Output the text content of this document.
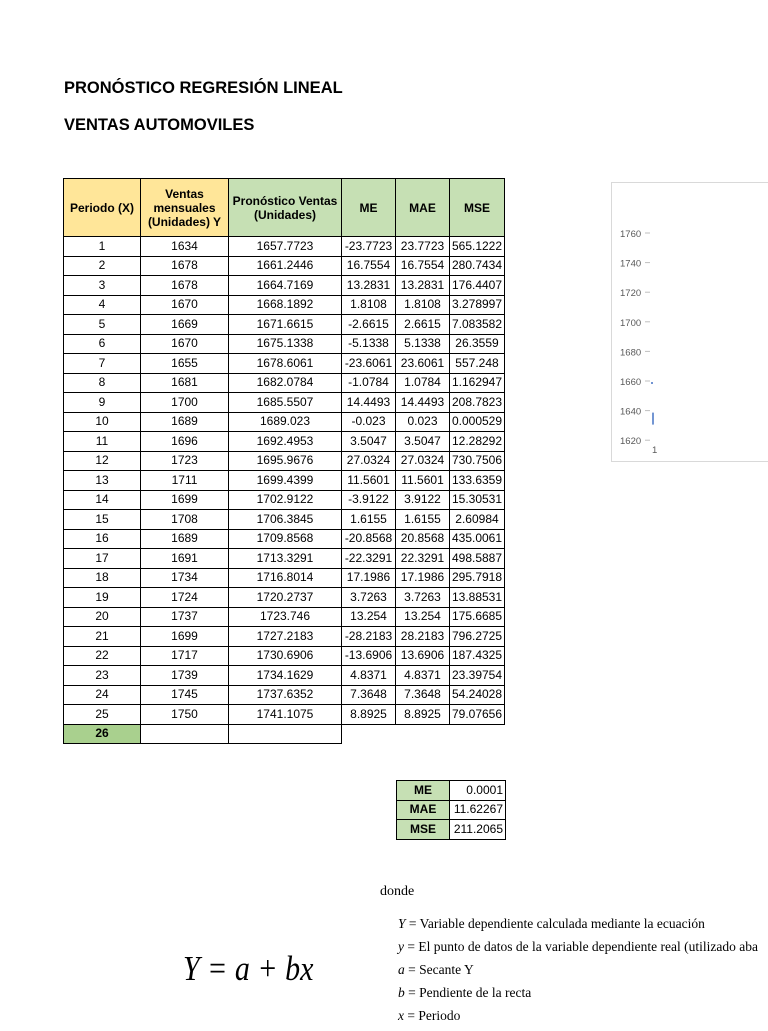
PRONÓSTICO REGRESIÓN LINEAL
VENTAS AUTOMOVILES
Periodo (X)	Ventas mensuales (Unidades) Y	Pronóstico Ventas (Unidades)	ME	MAE	MSE
1	1634	1657.7723	-23.7723	23.7723	565.1222
2	1678	1661.2446	16.7554	16.7554	280.7434
3	1678	1664.7169	13.2831	13.2831	176.4407
4	1670	1668.1892	1.8108	1.8108	3.278997
5	1669	1671.6615	-2.6615	2.6615	7.083582
6	1670	1675.1338	-5.1338	5.1338	26.3559
7	1655	1678.6061	-23.6061	23.6061	557.248
8	1681	1682.0784	-1.0784	1.0784	1.162947
9	1700	1685.5507	14.4493	14.4493	208.7823
10	1689	1689.023	-0.023	0.023	0.000529
11	1696	1692.4953	3.5047	3.5047	12.28292
12	1723	1695.9676	27.0324	27.0324	730.7506
13	1711	1699.4399	11.5601	11.5601	133.6359
14	1699	1702.9122	-3.9122	3.9122	15.30531
15	1708	1706.3845	1.6155	1.6155	2.60984
16	1689	1709.8568	-20.8568	20.8568	435.0061
17	1691	1713.3291	-22.3291	22.3291	498.5887
18	1734	1716.8014	17.1986	17.1986	295.7918
19	1724	1720.2737	3.7263	3.7263	13.88531
20	1737	1723.746	13.254	13.254	175.6685
21	1699	1727.2183	-28.2183	28.2183	796.2725
22	1717	1730.6906	-13.6906	13.6906	187.4325
23	1739	1734.1629	4.8371	4.8371	23.39754
24	1745	1737.6352	7.3648	7.3648	54.24028
25	1750	1741.1075	8.8925	8.8925	79.07656
26					
ME	0.0001
MAE	11.62267
MSE	211.2065
1760
1740
1720
1700
1680
1660
1640
1620
1
donde
Y = a + bx
Y = Variable dependiente calculada mediante la ecuación
y = El punto de datos de la variable dependiente real (utilizado aba
a = Secante Y
b = Pendiente de la recta
x = Periodo
